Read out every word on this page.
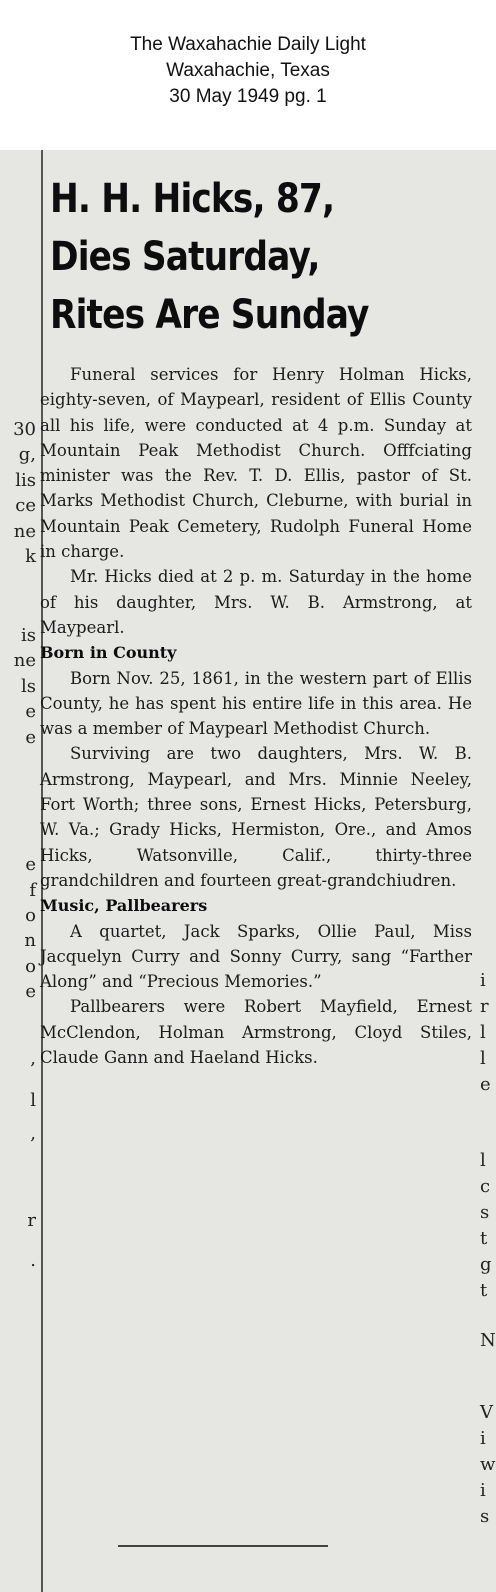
The Waxahachie Daily Light
Waxahachie, Texas
30 May 1949 pg. 1
30
g,
lis
ce
ne
k
is
ne
ls
e
e
e
f
o
n
o
e
,
l
,
r
.
i
r
l
l
e
l
c
s
t
g
t
N
V
i
w
i
s
H. H. Hicks, 87,
Dies Saturday,
Rites Are Sunday

Funeral services for Henry Holman Hicks, eighty-seven, of Maypearl, resident of Ellis County all his life, were conducted at 4 p.m. Sunday at Mountain Peak Methodist Church. Offfciating minister was the Rev. T. D. Ellis, pastor of St. Marks Methodist Church, Cleburne, with burial in Mountain Peak Cemetery, Rudolph Funeral Home in charge.

Mr. Hicks died at 2 p. m. Saturday in the home of his daughter, Mrs. W. B. Armstrong, at Maypearl.

Born in County

Born Nov. 25, 1861, in the western part of Ellis County, he has spent his entire life in this area. He was a member of Maypearl Methodist Church.

Surviving are two daughters, Mrs. W. B. Armstrong, Maypearl, and Mrs. Minnie Neeley, Fort Worth; three sons, Ernest Hicks, Petersburg, W. Va.; Grady Hicks, Hermiston, Ore., and Amos Hicks, Watsonville, Calif., thirty-three grandchildren and fourteen great-grandchiudren.

Music, Pallbearers

A quartet, Jack Sparks, Ollie Paul, Miss Jacquelyn Curry and Sonny Curry, sang “Farther Along” and “Precious Memories.”

Pallbearers were Robert Mayfield, Ernest McClendon, Holman Armstrong, Cloyd Stiles, Claude Gann and Haeland Hicks.
